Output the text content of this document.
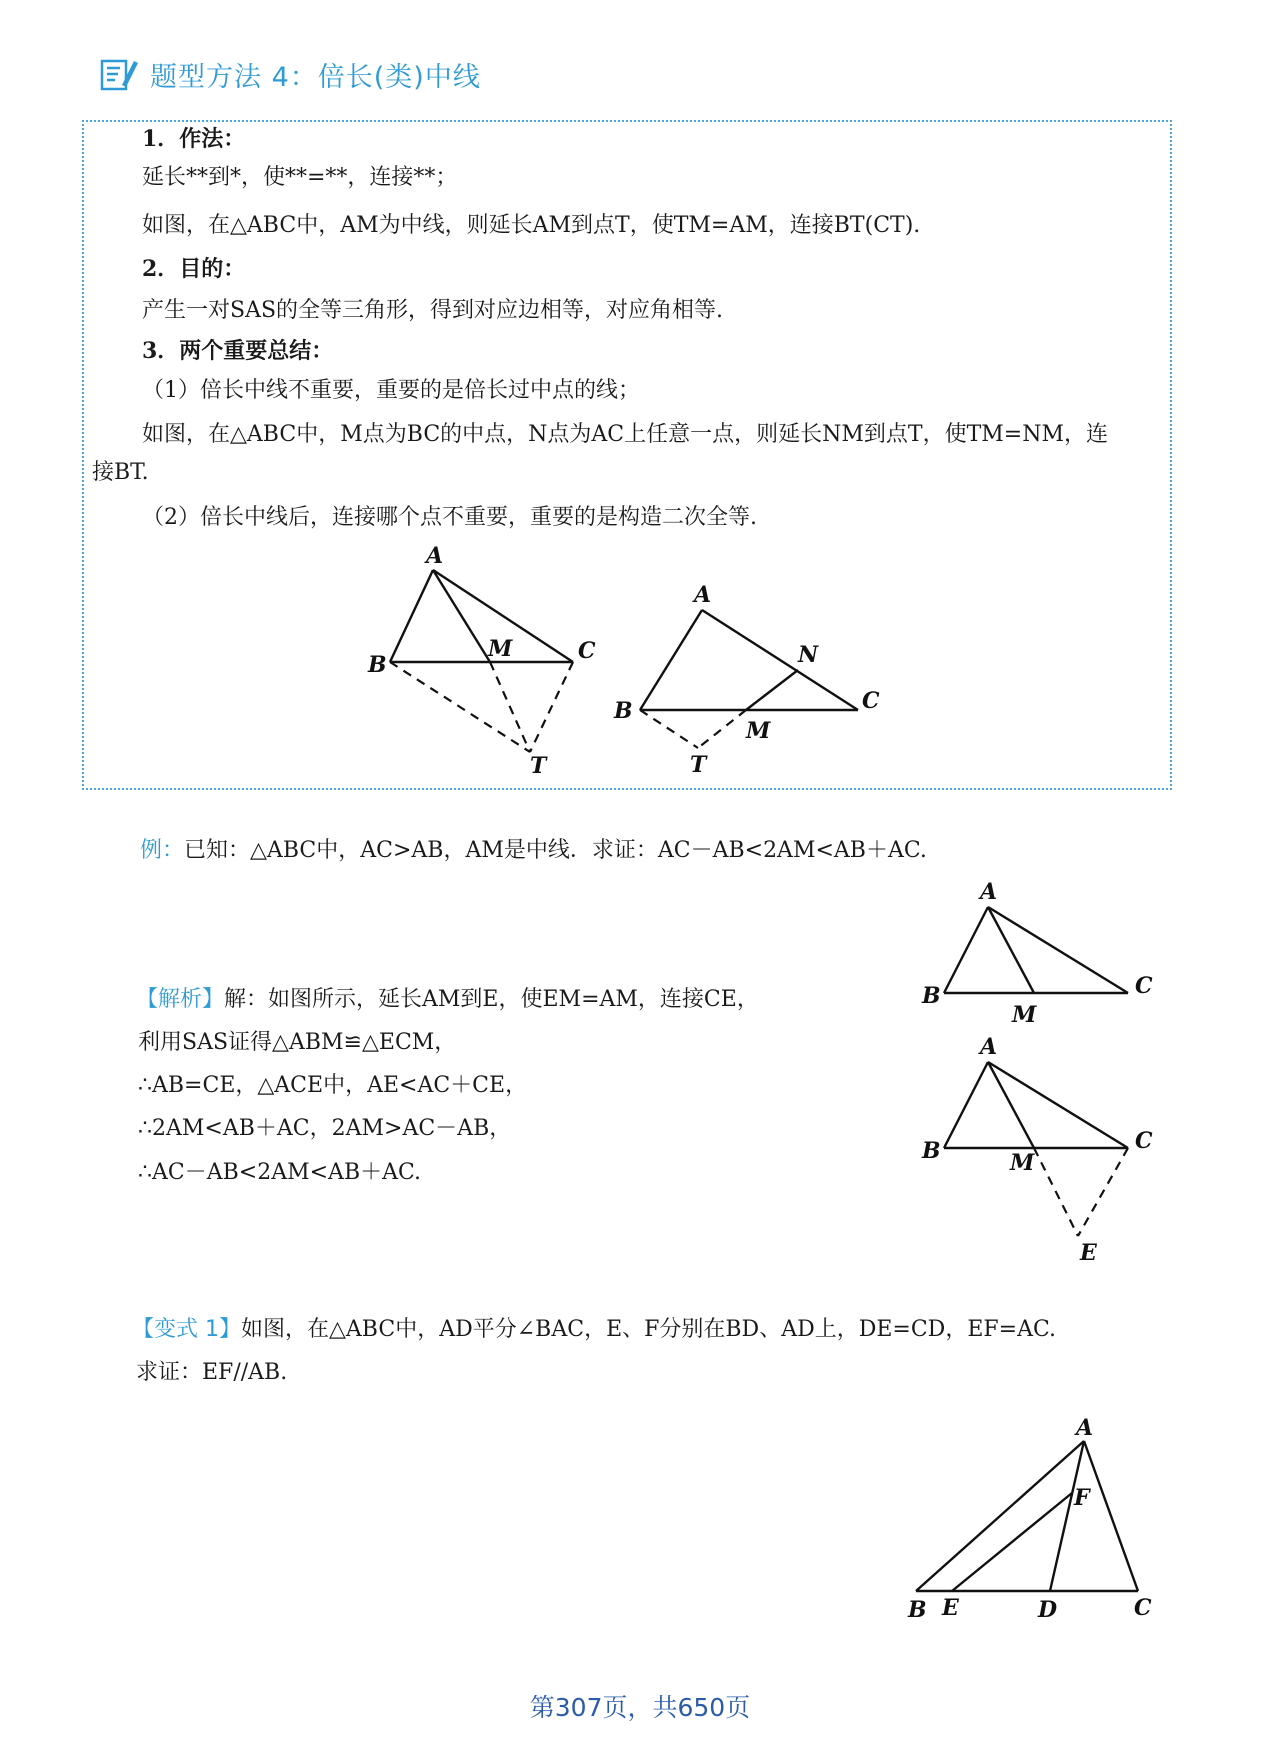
题型方法 4：倍长(类)中线
1．作法：
延长**到*，使**=**，连接**；
如图，在△ABC中，AM为中线，则延长AM到点T，使TM=AM，连接BT(CT).
2．目的：
产生一对SAS的全等三角形，得到对应边相等，对应角相等.
3．两个重要总结：
（1）倍长中线不重要，重要的是倍长过中点的线；
如图，在△ABC中，M点为BC的中点，N点为AC上任意一点，则延长NM到点T，使TM=NM，连
接BT.
（2）倍长中线后，连接哪个点不重要，重要的是构造二次全等.
A
B
C
M
T
A
B	C
N
M
T
例：已知：△ABC中，AC>AB，AM是中线．求证：AC－AB<2AM<AB＋AC.
A
B	C
M
【解析】解：如图所示，延长AM到E，使EM=AM，连接CE，
利用SAS证得△ABM≌△ECM，
∴AB=CE，△ACE中，AE<AC＋CE，
∴2AM<AB＋AC，2AM>AC－AB，
∴AC－AB<2AM<AB＋AC.
A
B	C
M
E
【变式 1】如图，在△ABC中，AD平分∠BAC，E、F分别在BD、AD上，DE=CD，EF=AC.
求证：EF//AB.
A
F
B E	D	C
第307页，共650页
